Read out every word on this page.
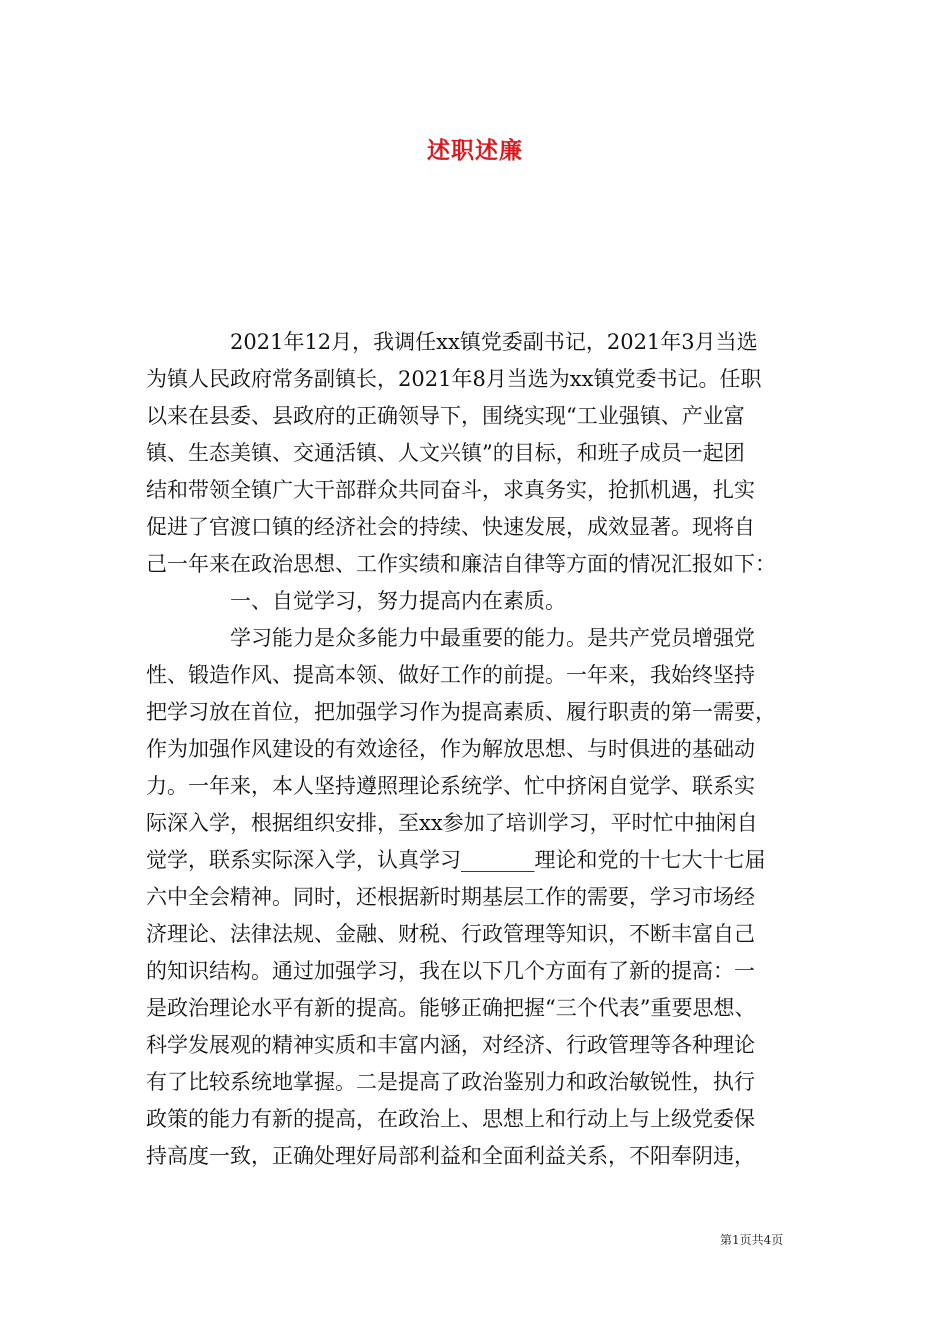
述职述廉
　　　　2021年12月，我调任xx镇党委副书记，2021年3月当选
为镇人民政府常务副镇长，2021年8月当选为xx镇党委书记。任职
以来在县委、县政府的正确领导下，围绕实现“工业强镇、产业富
镇、生态美镇、交通活镇、人文兴镇”的目标，和班子成员一起团
结和带领全镇广大干部群众共同奋斗，求真务实，抢抓机遇，扎实
促进了官渡口镇的经济社会的持续、快速发展，成效显著。现将自
己一年来在政治思想、工作实绩和廉洁自律等方面的情况汇报如下：
　　　　一、自觉学习，努力提高内在素质。
　　　　学习能力是众多能力中最重要的能力。是共产党员增强党
性、锻造作风、提高本领、做好工作的前提。一年来，我始终坚持
把学习放在首位，把加强学习作为提高素质、履行职责的第一需要，
作为加强作风建设的有效途径，作为解放思想、与时俱进的基础动
力。一年来，本人坚持遵照理论系统学、忙中挤闲自觉学、联系实
际深入学，根据组织安排，至xx参加了培训学习，平时忙中抽闲自
觉学，联系实际深入学，认真学习_______理论和党的十七大十七届
六中全会精神。同时，还根据新时期基层工作的需要，学习市场经
济理论、法律法规、金融、财税、行政管理等知识，不断丰富自己
的知识结构。通过加强学习，我在以下几个方面有了新的提高：一
是政治理论水平有新的提高。能够正确把握“三个代表”重要思想、
科学发展观的精神实质和丰富内涵，对经济、行政管理等各种理论
有了比较系统地掌握。二是提高了政治鉴别力和政治敏锐性，执行
政策的能力有新的提高，在政治上、思想上和行动上与上级党委保
持高度一致，正确处理好局部利益和全面利益关系，不阳奉阴违，
第1页共4页
